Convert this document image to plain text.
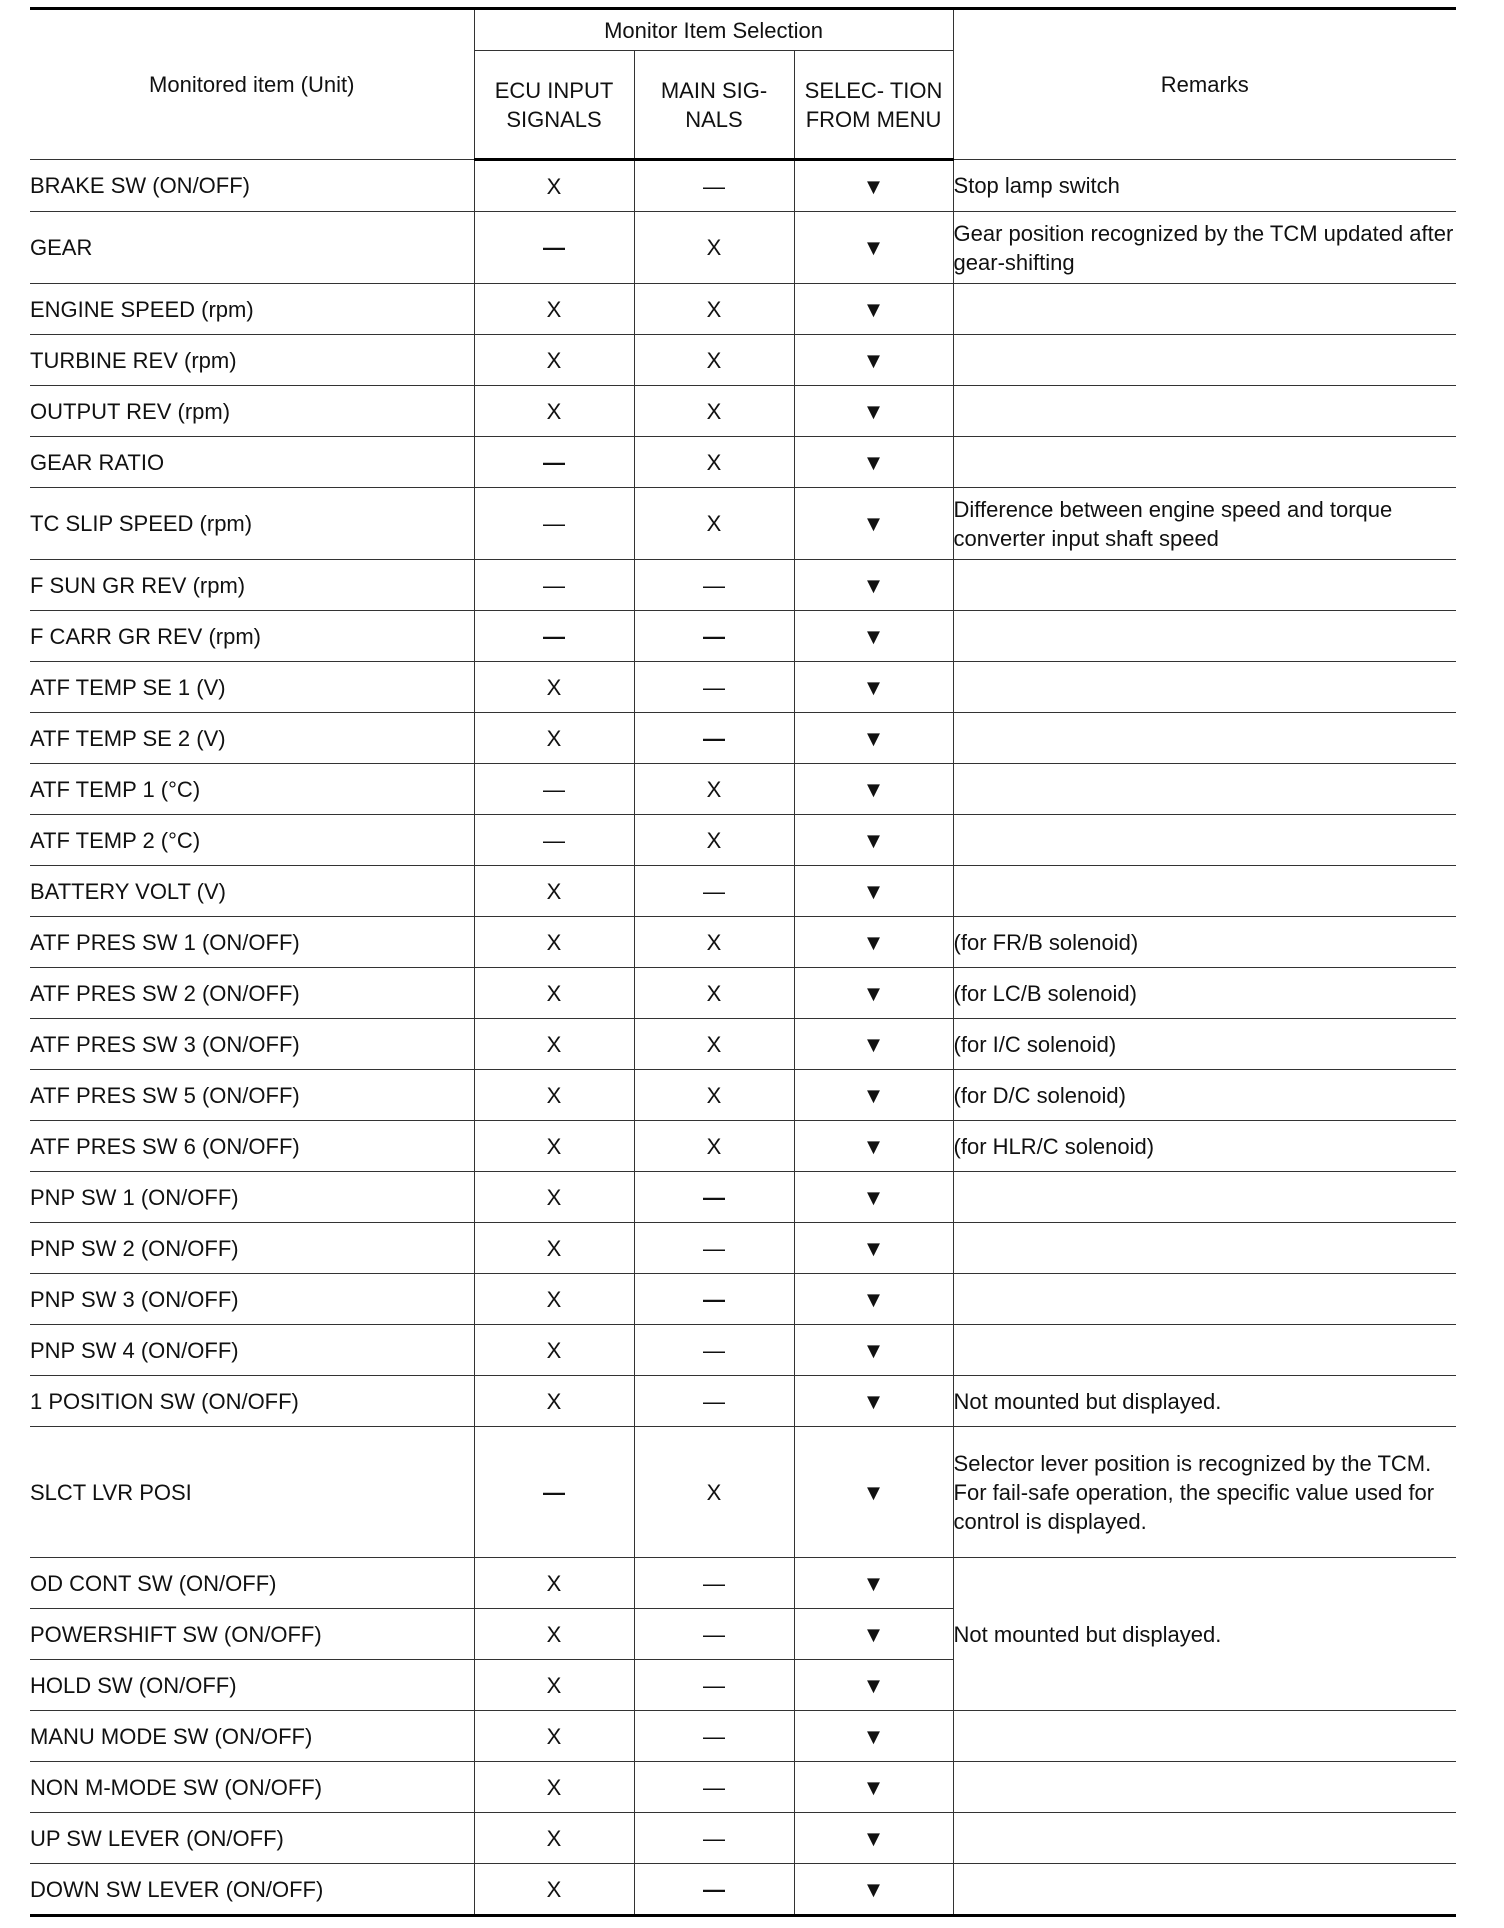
Monitored item (Unit)	Monitor Item Selection			Remarks
	ECU INPUT SIGNALS	MAIN SIG- NALS	SELEC- TION FROM MENU	
BRAKE SW (ON/OFF)	X	—	▼	Stop lamp switch
GEAR	—	X	▼	Gear position recognized by the TCM updated after gear-shifting
ENGINE SPEED (rpm)	X	X	▼	
TURBINE REV (rpm)	X	X	▼	
OUTPUT REV (rpm)	X	X	▼	
GEAR RATIO	—	X	▼	
TC SLIP SPEED (rpm)	—	X	▼	Difference between engine speed and torque converter input shaft speed
F SUN GR REV (rpm)	—	—	▼	
F CARR GR REV (rpm)	—	—	▼	
ATF TEMP SE 1 (V)	X	—	▼	
ATF TEMP SE 2 (V)	X	—	▼	
ATF TEMP 1 (°C)	—	X	▼	
ATF TEMP 2 (°C)	—	X	▼	
BATTERY VOLT (V)	X	—	▼	
ATF PRES SW 1 (ON/OFF)	X	X	▼	(for FR/B solenoid)
ATF PRES SW 2 (ON/OFF)	X	X	▼	(for LC/B solenoid)
ATF PRES SW 3 (ON/OFF)	X	X	▼	(for I/C solenoid)
ATF PRES SW 5 (ON/OFF)	X	X	▼	(for D/C solenoid)
ATF PRES SW 6 (ON/OFF)	X	X	▼	(for HLR/C solenoid)
PNP SW 1 (ON/OFF)	X	—	▼	
PNP SW 2 (ON/OFF)	X	—	▼	
PNP SW 3 (ON/OFF)	X	—	▼	
PNP SW 4 (ON/OFF)	X	—	▼	
1 POSITION SW (ON/OFF)	X	—	▼	Not mounted but displayed.
SLCT LVR POSI	—	X	▼	Selector lever position is recognized by the TCM. For fail-safe operation, the specific value used for control is displayed.
OD CONT SW (ON/OFF)	X	—	▼	Not mounted but displayed.
POWERSHIFT SW (ON/OFF)	X	—	▼	
HOLD SW (ON/OFF)	X	—	▼	
MANU MODE SW (ON/OFF)	X	—	▼	
NON M-MODE SW (ON/OFF)	X	—	▼	
UP SW LEVER (ON/OFF)	X	—	▼	
DOWN SW LEVER (ON/OFF)	X	—	▼	
